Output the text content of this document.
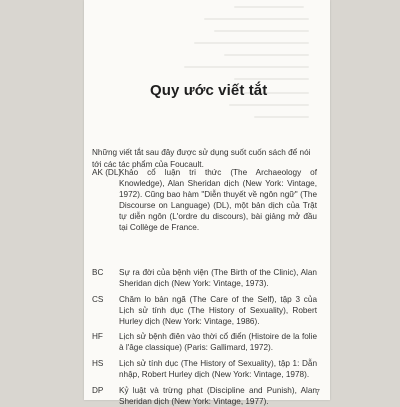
Quy ước viết tắt
Những viết tắt sau đây được sử dụng suốt cuốn sách để nói tới các tác phẩm của Foucault.
AK (DL)
Khảo cổ luận tri thức (The Archaeology of Knowledge), Alan Sheridan dịch (New York: Vintage, 1972). Cũng bao hàm "Diễn thuyết về ngôn ngữ" (The Discourse on Language) (DL), một bản dịch của Trật tự diễn ngôn (L'ordre du discours), bài giảng mở đầu tại Collège de France.
BC Sự ra đời của bệnh viện (The Birth of the Clinic), Alan Sheridan dịch (New York: Vintage, 1973).
CS Chăm lo bản ngã (The Care of the Self), tập 3 của Lịch sử tính dục (The History of Sexuality), Robert Hurley dịch (New York: Vintage, 1986).
HF Lịch sử bệnh điên vào thời cổ điển (Histoire de la folie à l'âge classique) (Paris: Gallimard, 1972).
HS Lịch sử tính dục (The History of Sexuality), tập 1: Dẫn nhập, Robert Hurley dịch (New York: Vintage, 1978).
DP Kỷ luật và trừng phạt (Discipline and Punish), Alan Sheridan dịch (New York: Vintage, 1977).
7
